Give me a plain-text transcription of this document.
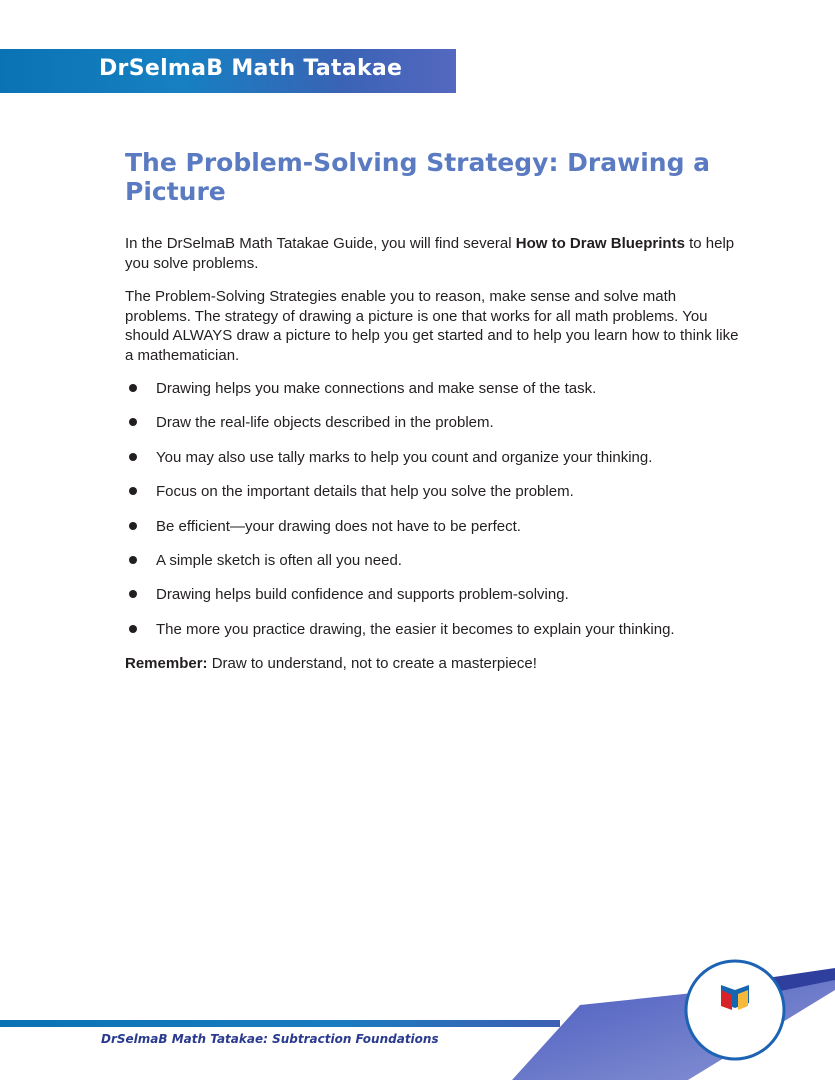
DrSelmaB Math Tatakae
The Problem-Solving Strategy: Drawing a Picture

In the DrSelmaB Math Tatakae Guide, you will find several How to Draw Blueprints to help you solve problems.

The Problem-Solving Strategies enable you to reason, make sense and solve math problems. The strategy of drawing a picture is one that works for all math problems. You should ALWAYS draw a picture to help you get started and to help you learn how to think like a mathematician.

Drawing helps you make connections and make sense of the task.
Draw the real-life objects described in the problem.
You may also use tally marks to help you count and organize your thinking.
Focus on the important details that help you solve the problem.
Be efficient—your drawing does not have to be perfect.
A simple sketch is often all you need.
Drawing helps build confidence and supports problem-solving.
The more you practice drawing, the easier it becomes to explain your thinking.

Remember: Draw to understand, not to create a masterpiece!

DrSelmaB Math Tatakae: Subtraction Foundations
